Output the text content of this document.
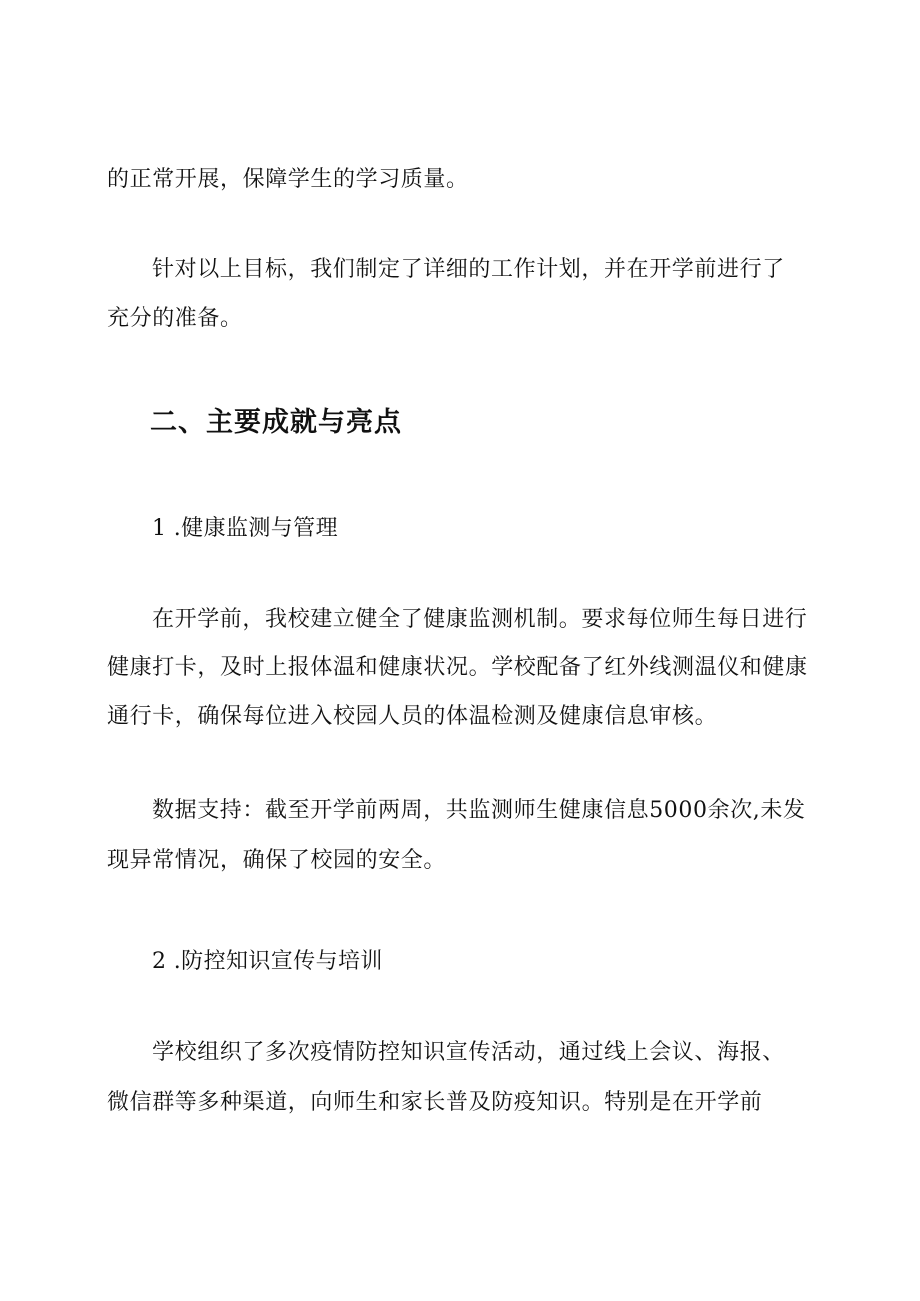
的正常开展，保障学生的学习质量。
针对以上目标，我们制定了详细的工作计划，并在开学前进行了
充分的准备。
二、主要成就与亮点
1 .健康监测与管理
在开学前，我校建立健全了健康监测机制。要求每位师生每日进行
健康打卡，及时上报体温和健康状况。学校配备了红外线测温仪和健康
通行卡，确保每位进入校园人员的体温检测及健康信息审核。
数据支持：截至开学前两周，共监测师生健康信息5000余次,未发
现异常情况，确保了校园的安全。
2 .防控知识宣传与培训
学校组织了多次疫情防控知识宣传活动，通过线上会议、海报、
微信群等多种渠道，向师生和家长普及防疫知识。特别是在开学前
